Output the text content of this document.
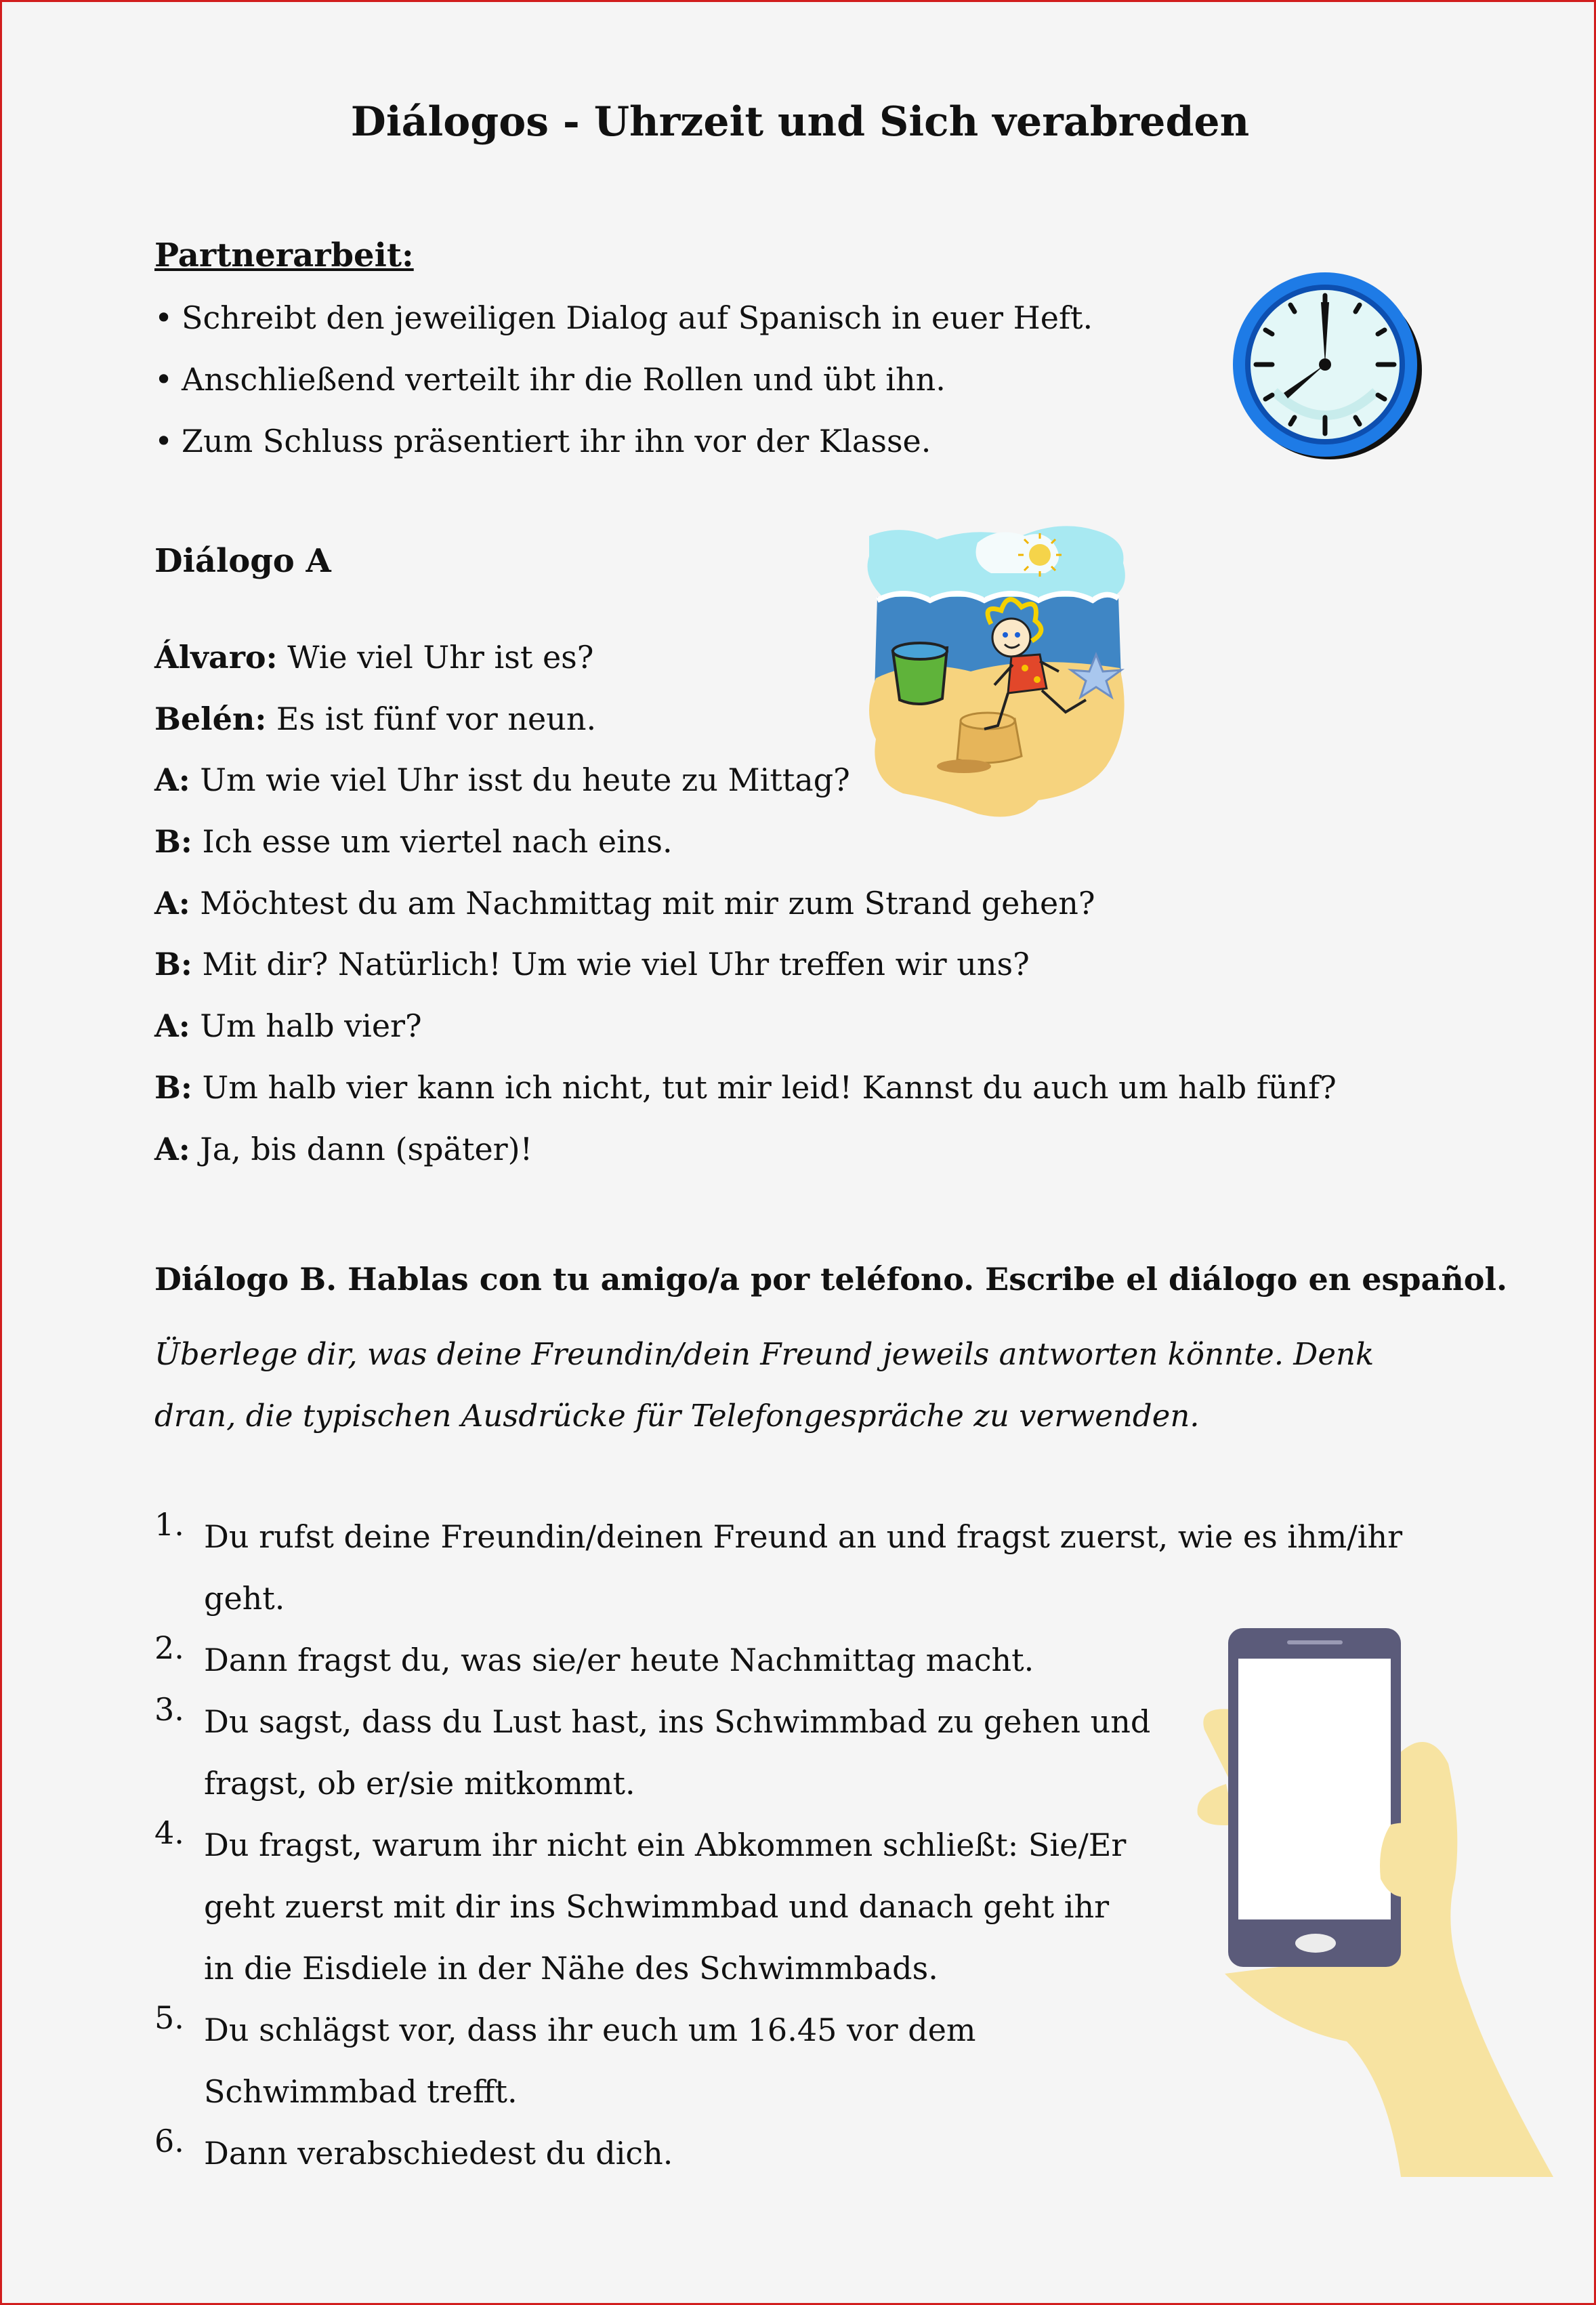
Diálogos - Uhrzeit und Sich verabreden
Partnerarbeit:
• Schreibt den jeweiligen Dialog auf Spanisch in euer Heft.
• Anschließend verteilt ihr die Rollen und übt ihn.
• Zum Schluss präsentiert ihr ihn vor der Klasse.
Diálogo A
Álvaro: Wie viel Uhr ist es?
Belén: Es ist fünf vor neun.
A: Um wie viel Uhr isst du heute zu Mittag?
B: Ich esse um viertel nach eins.
A: Möchtest du am Nachmittag mit mir zum Strand gehen?
B: Mit dir? Natürlich! Um wie viel Uhr treffen wir uns?
A: Um halb vier?
B: Um halb vier kann ich nicht, tut mir leid! Kannst du auch um halb fünf?
A: Ja, bis dann (später)!
Diálogo B. Hablas con tu amigo/a por teléfono. Escribe el diálogo en español.
Überlege dir, was deine Freundin/dein Freund jeweils antworten könnte. Denk dran, die typischen Ausdrücke für Telefongespräche zu verwenden.
1. Du rufst deine Freundin/deinen Freund an und fragst zuerst, wie es ihm/ihr geht.
2. Dann fragst du, was sie/er heute Nachmittag macht.
3. Du sagst, dass du Lust hast, ins Schwimmbad zu gehen und fragst, ob er/sie mitkommt.
4. Du fragst, warum ihr nicht ein Abkommen schließt: Sie/Er geht zuerst mit dir ins Schwimmbad und danach geht ihr in die Eisdiele in der Nähe des Schwimmbads.
5. Du schlägst vor, dass ihr euch um 16.45 vor dem Schwimmbad trefft.
6. Dann verabschiedest du dich.
